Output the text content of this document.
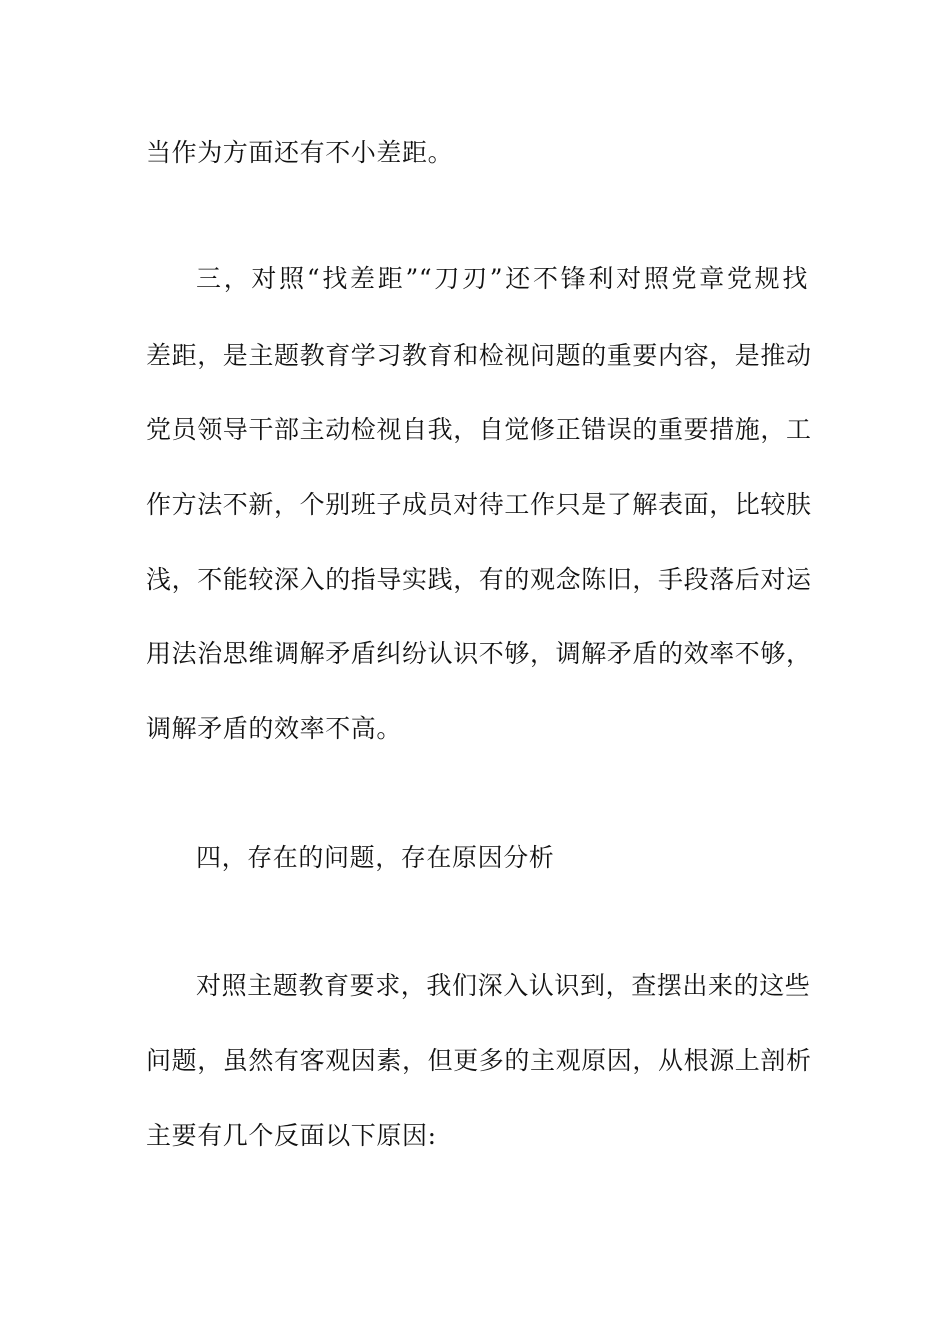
当作为方面还有不小差距。
三，对照“找差距”“刀刃”还不锋利对照党章党规找
差距，是主题教育学习教育和检视问题的重要内容，是推动
党员领导干部主动检视自我，自觉修正错误的重要措施，工
作方法不新，个别班子成员对待工作只是了解表面，比较肤
浅，不能较深入的指导实践，有的观念陈旧，手段落后对运
用法治思维调解矛盾纠纷认识不够，调解矛盾的效率不够，
调解矛盾的效率不高。
四，存在的问题，存在原因分析
对照主题教育要求，我们深入认识到，查摆出来的这些
问题，虽然有客观因素，但更多的主观原因，从根源上剖析
主要有几个反面以下原因:
